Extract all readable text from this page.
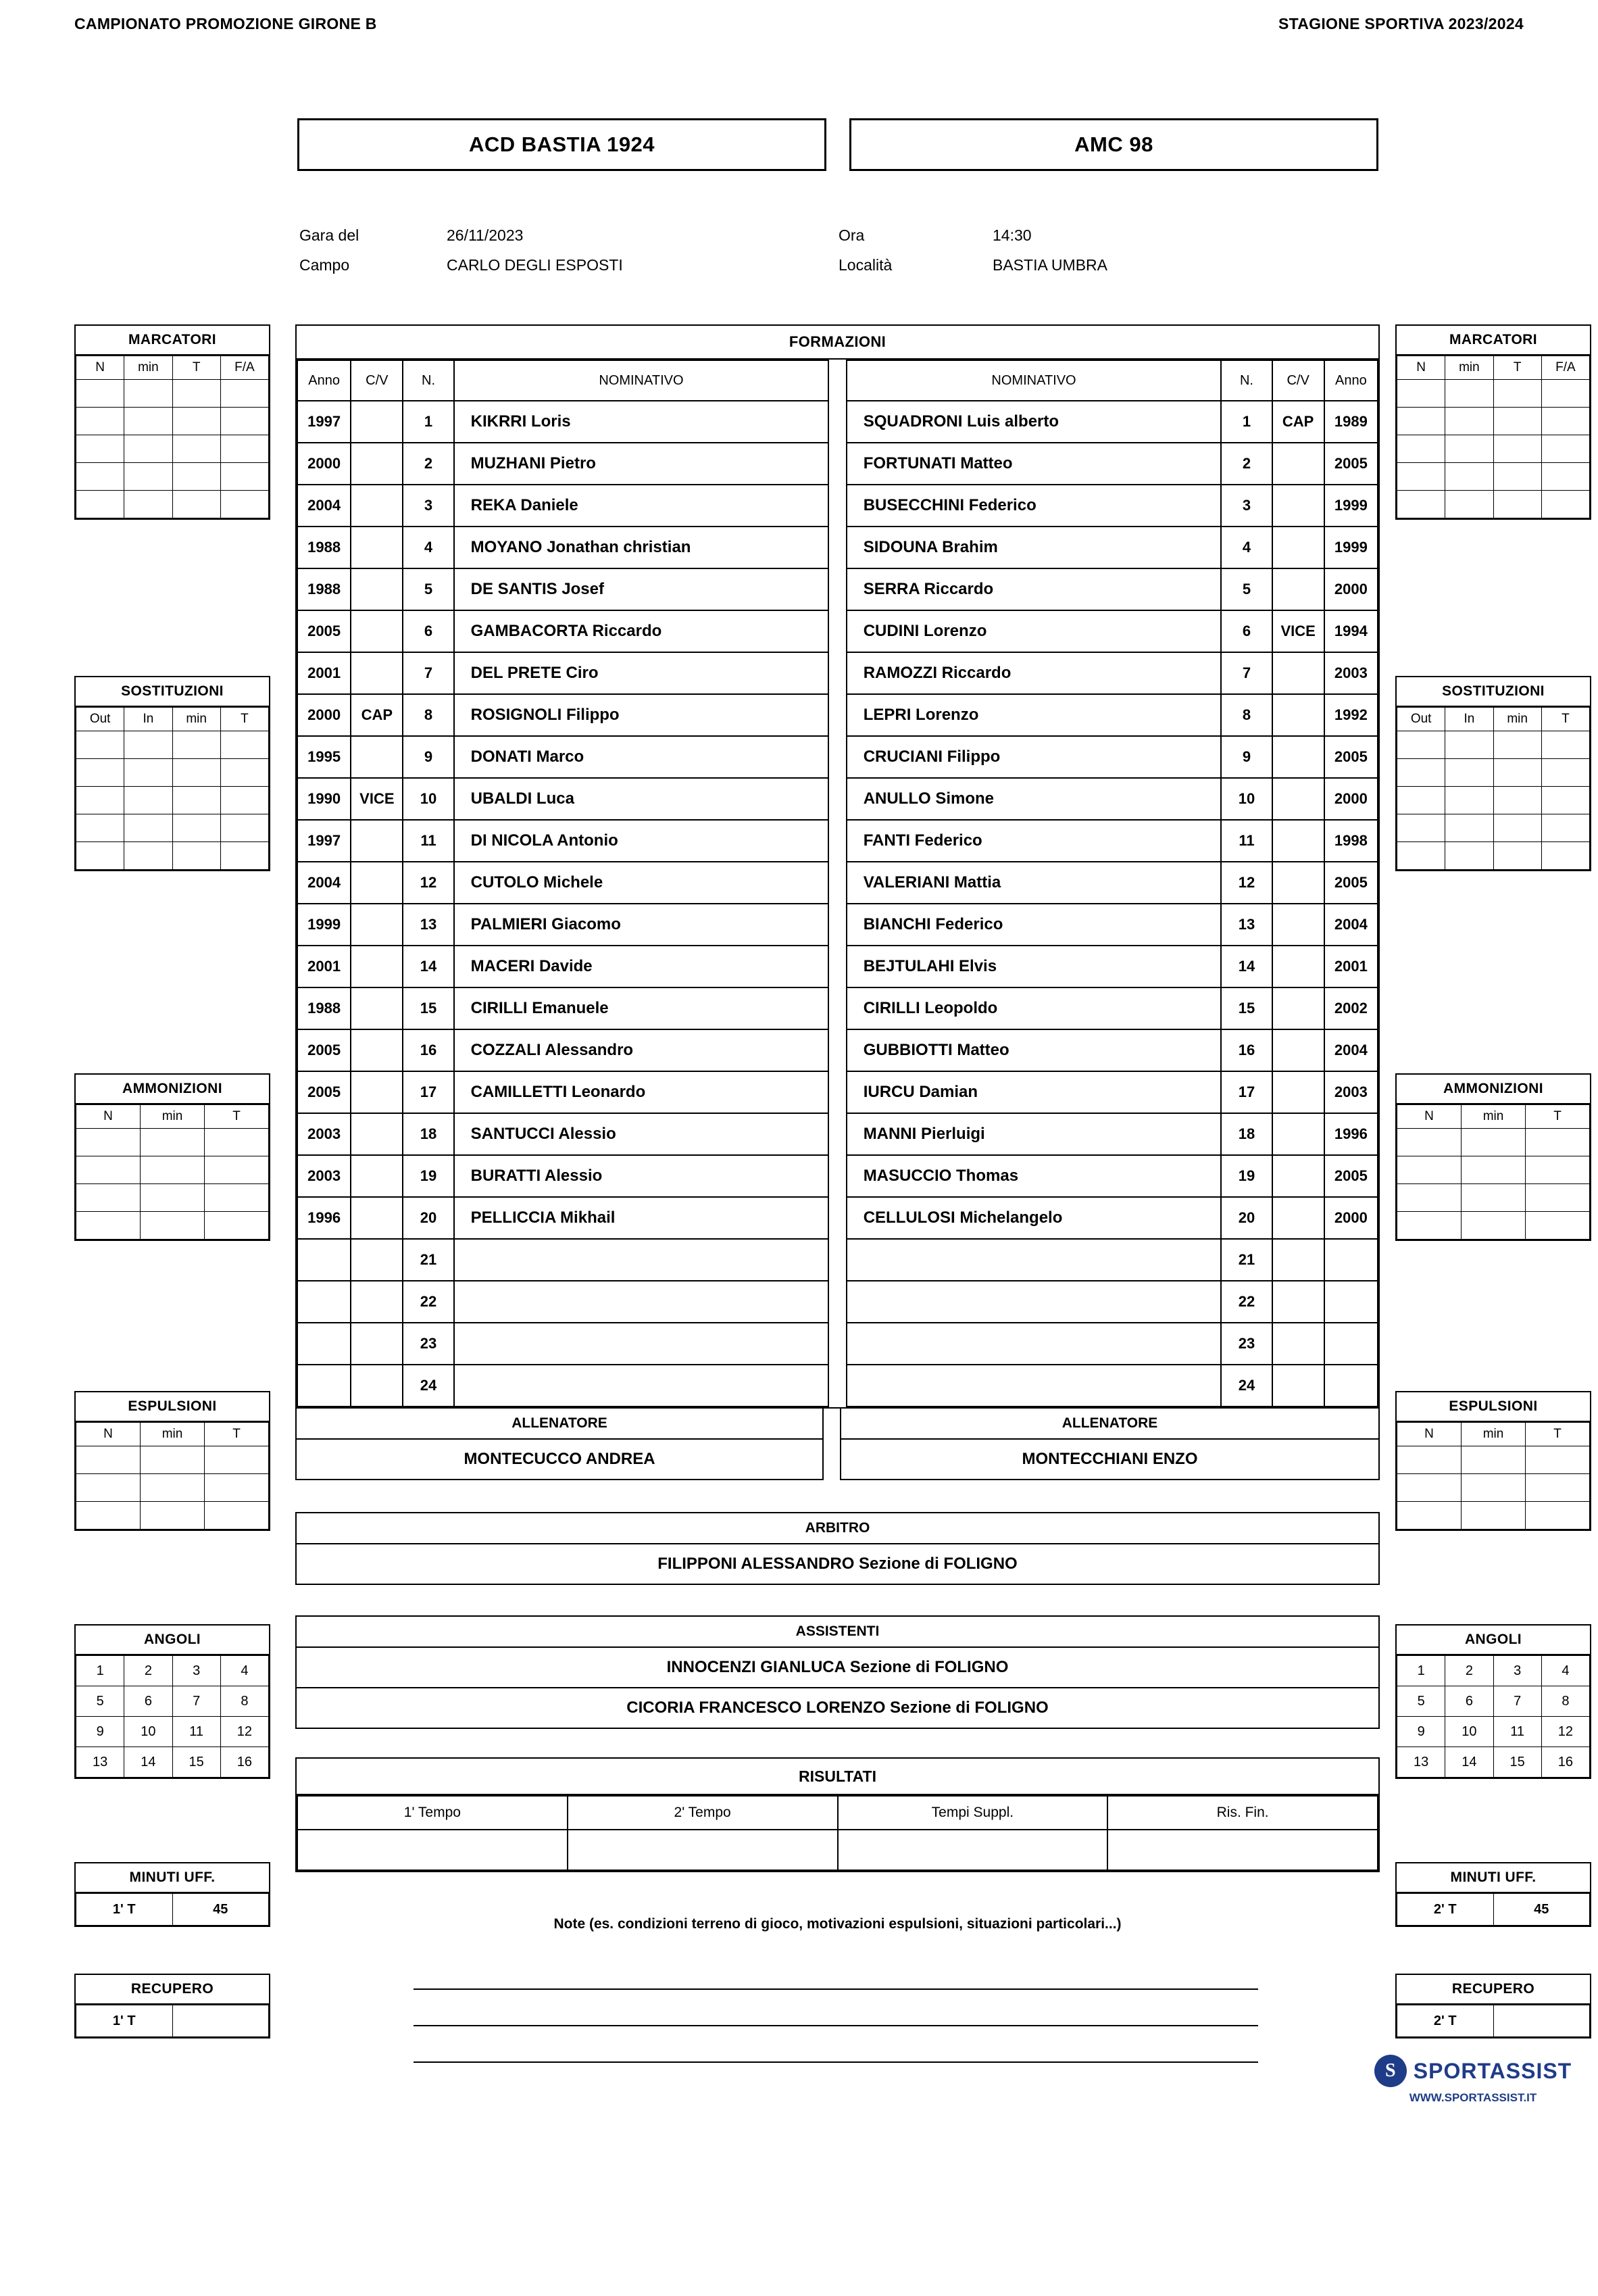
CAMPIONATO PROMOZIONE GIRONE B	STAGIONE SPORTIVA 2023/2024
ACD BASTIA 1924	AMC 98
Gara del	26/11/2023	Ora	14:30
Campo	CARLO DEGLI ESPOSTI	Località	BASTIA UMBRA
MARCATORI
N	min	T	F/A

SOSTITUZIONI
Out	In	min	T

AMMONIZIONI
N	min	T

ESPULSIONI
N	min	T

ANGOLI
1	2	3	4
5	6	7	8
9	10	11	12
13	14	15	16
MINUTI UFF.
1' T	45
RECUPERO
1' T	
MARCATORI
N	min	T	F/A

SOSTITUZIONI
Out	In	min	T

AMMONIZIONI
N	min	T

ESPULSIONI
N	min	T

ANGOLI
1	2	3	4
5	6	7	8
9	10	11	12
13	14	15	16
MINUTI UFF.
2' T	45
RECUPERO
2' T	
FORMAZIONI
Anno	C/V	N.	NOMINATIVO		NOMINATIVO	N.	C/V	Anno
1997		1	KIKRRI Loris		SQUADRONI Luis alberto	1	CAP	1989
2000		2	MUZHANI Pietro		FORTUNATI Matteo	2		2005
2004		3	REKA Daniele		BUSECCHINI Federico	3		1999
1988		4	MOYANO Jonathan christian		SIDOUNA Brahim	4		1999
1988		5	DE SANTIS Josef		SERRA Riccardo	5		2000
2005		6	GAMBACORTA Riccardo		CUDINI Lorenzo	6	VICE	1994
2001		7	DEL PRETE Ciro		RAMOZZI Riccardo	7		2003
2000	CAP	8	ROSIGNOLI Filippo		LEPRI Lorenzo	8		1992
1995		9	DONATI Marco		CRUCIANI Filippo	9		2005
1990	VICE	10	UBALDI Luca		ANULLO Simone	10		2000
1997		11	DI NICOLA Antonio		FANTI Federico	11		1998
2004		12	CUTOLO Michele		VALERIANI Mattia	12		2005
1999		13	PALMIERI Giacomo		BIANCHI Federico	13		2004
2001		14	MACERI Davide		BEJTULAHI Elvis	14		2001
1988		15	CIRILLI Emanuele		CIRILLI Leopoldo	15		2002
2005		16	COZZALI Alessandro		GUBBIOTTI Matteo	16		2004
2005		17	CAMILLETTI Leonardo		IURCU Damian	17		2003
2003		18	SANTUCCI Alessio		MANNI Pierluigi	18		1996
2003		19	BURATTI Alessio		MASUCCIO Thomas	19		2005
1996		20	PELLICCIA Mikhail		CELLULOSI Michelangelo	20		2000
		21				21		
		22				22		
		23				23		
		24				24		
ALLENATORE
MONTECUCCO ANDREA
ALLENATORE
MONTECCHIANI ENZO
ARBITRO
FILIPPONI ALESSANDRO Sezione di FOLIGNO
ASSISTENTI
INNOCENZI GIANLUCA Sezione di FOLIGNO
CICORIA FRANCESCO LORENZO Sezione di FOLIGNO
RISULTATI
1' Tempo	2' Tempo	Tempi Suppl.	Ris. Fin.

Note (es. condizioni terreno di gioco, motivazioni espulsioni, situazioni particolari...)
S SPORTASSIST
WWW.SPORTASSIST.IT
